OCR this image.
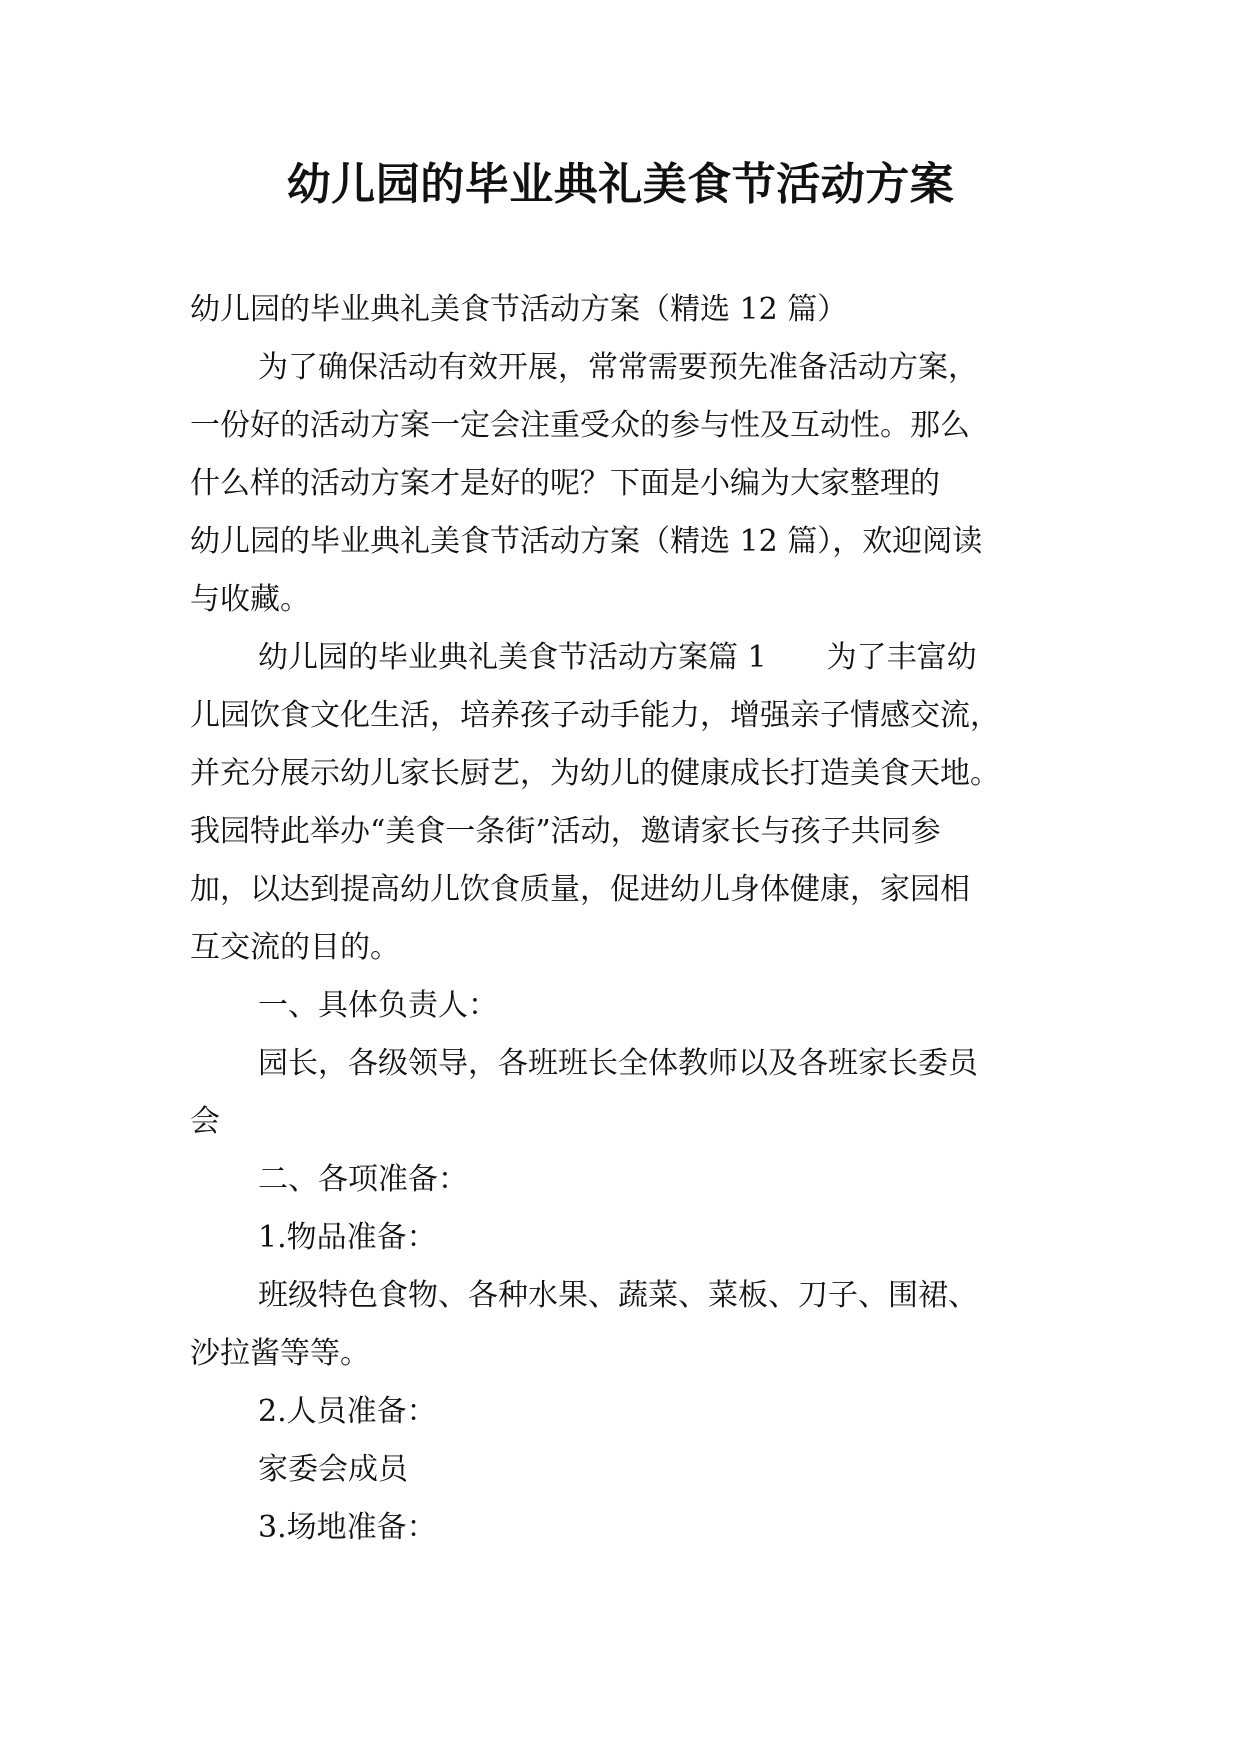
幼儿园的毕业典礼美食节活动方案
幼儿园的毕业典礼美食节活动方案（精选 12 篇）
为了确保活动有效开展，常常需要预先准备活动方案，
一份好的活动方案一定会注重受众的参与性及互动性。那么
什么样的活动方案才是好的呢？下面是小编为大家整理的
幼儿园的毕业典礼美食节活动方案（精选 12 篇），欢迎阅读
与收藏。
幼儿园的毕业典礼美食节活动方案篇 1 为了丰富幼
儿园饮食文化生活，培养孩子动手能力，增强亲子情感交流，
并充分展示幼儿家长厨艺，为幼儿的健康成长打造美食天地。
我园特此举办“美食一条街”活动，邀请家长与孩子共同参
加，以达到提高幼儿饮食质量，促进幼儿身体健康，家园相
互交流的目的。
一、具体负责人：
园长，各级领导，各班班长全体教师以及各班家长委员
会
二、各项准备：
1.物品准备：
班级特色食物、各种水果、蔬菜、菜板、刀子、围裙、
沙拉酱等等。
2.人员准备：
家委会成员
3.场地准备：
